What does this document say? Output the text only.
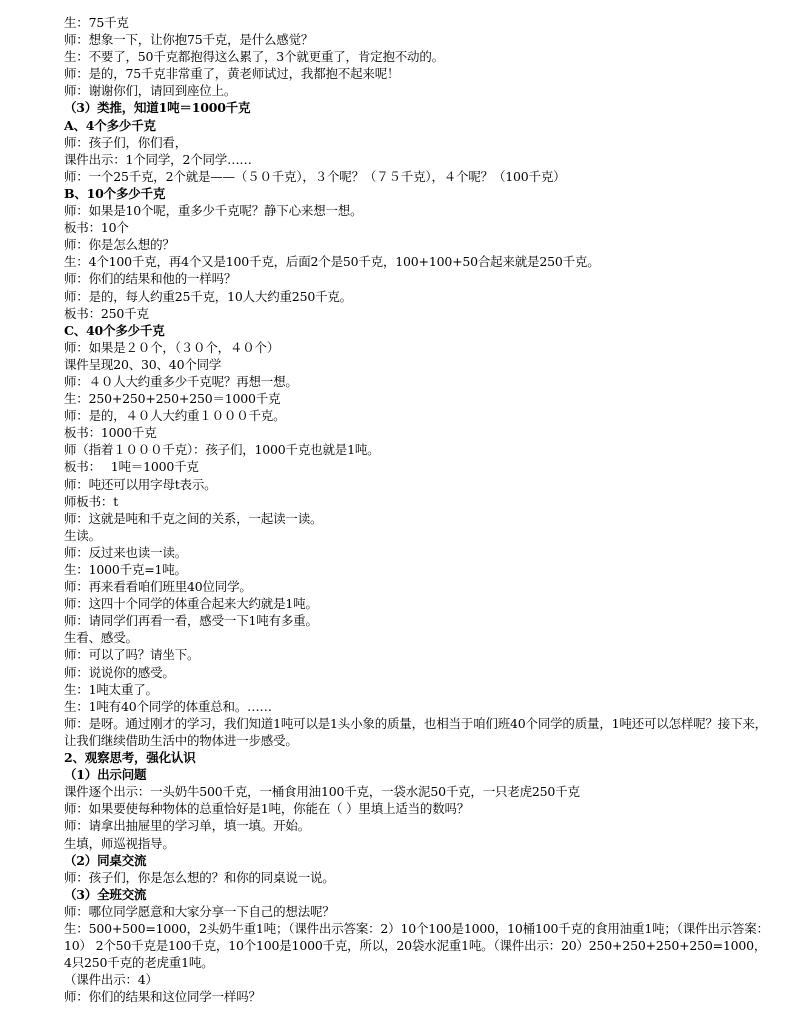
生：75千克
师：想象一下，让你抱75千克，是什么感觉？
生：不要了，50千克都抱得这么累了，3个就更重了，肯定抱不动的。
师：是的，75千克非常重了，黄老师试过，我都抱不起来呢！
师：谢谢你们，请回到座位上。
（3）类推，知道1吨＝1000千克
A、4个多少千克
师：孩子们，你们看，
课件出示：1个同学，2个同学……
师：一个25千克，2个就是——（５０千克），３个呢？（７５千克），４个呢？（100千克）
B、10个多少千克
师：如果是10个呢，重多少千克呢？静下心来想一想。
板书：10个
师：你是怎么想的？
生：4个100千克，再4个又是100千克，后面2个是50千克，100+100+50合起来就是250千克。
师：你们的结果和他的一样吗？
师：是的，每人约重25千克，10人大约重250千克。
板书：250千克
C、40个多少千克
师：如果是２０个，（３０个，４０个）
课件呈现20、30、40个同学
师：４０人大约重多少千克呢？再想一想。
生：250+250+250+250＝1000千克
师：是的，４０人大约重１０００千克。
板书：1000千克
师（指着１０００千克）：孩子们，1000千克也就是1吨。
板书：　 1吨＝1000千克
师：吨还可以用字母t表示。
师板书：t
师：这就是吨和千克之间的关系，一起读一读。
生读。
师：反过来也读一读。
生：1000千克=1吨。
师：再来看看咱们班里40位同学。
师：这四十个同学的体重合起来大约就是1吨。
师：请同学们再看一看，感受一下1吨有多重。
生看、感受。
师：可以了吗？请坐下。
师：说说你的感受。
生：1吨太重了。
生：1吨有40个同学的体重总和。……
师：是呀。通过刚才的学习，我们知道1吨可以是1头小象的质量，也相当于咱们班40个同学的质量，1吨还可以怎样呢？接下来，让我们继续借助生活中的物体进一步感受。
2、观察思考，强化认识
（1）出示问题
课件逐个出示：一头奶牛500千克，一桶食用油100千克，一袋水泥50千克，一只老虎250千克
师：如果要使每种物体的总重恰好是1吨，你能在（ ）里填上适当的数吗？
师：请拿出抽屉里的学习单，填一填。开始。
生填，师巡视指导。
（2）同桌交流
师：孩子们，你是怎么想的？和你的同桌说一说。
（3）全班交流
师：哪位同学愿意和大家分享一下自己的想法呢？
生：500+500=1000，2头奶牛重1吨；（课件出示答案：2）10个100是1000，10桶100千克的食用油重1吨；（课件出示答案：10） 2个50千克是100千克，10个100是1000千克，所以，20袋水泥重1吨。（课件出示：20）250+250+250+250=1000，4只250千克的老虎重1吨。
（课件出示：4）
师：你们的结果和这位同学一样吗？
